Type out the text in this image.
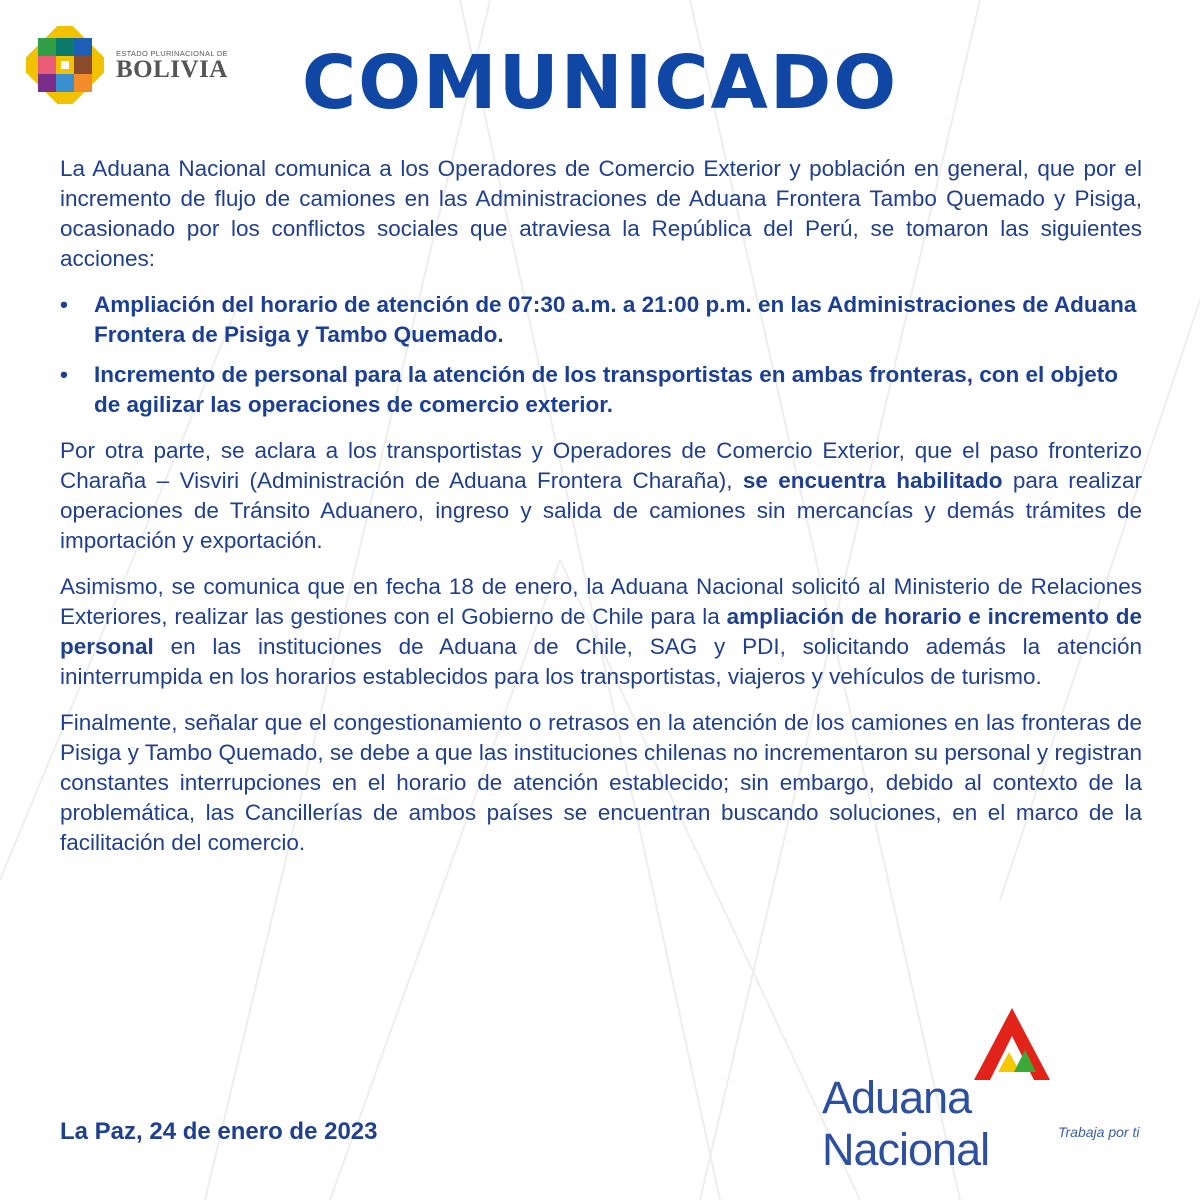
ESTADO PLURINACIONAL DE
BOLIVIA COMUNICADO

La Aduana Nacional comunica a los Operadores de Comercio Exterior y población en general, que por el incremento de flujo de camiones en las Administraciones de Aduana Frontera Tambo Quemado y Pisiga, ocasionado por los conflictos sociales que atraviesa la República del Perú, se tomaron las siguientes acciones:

•	Ampliación del horario de atención de 07:30 a.m. a 21:00 p.m. en las Administraciones de Aduana Frontera de Pisiga y Tambo Quemado.
•	Incremento de personal para la atención de los transportistas en ambas fronteras, con el objeto de agilizar las operaciones de comercio exterior.

Por otra parte, se aclara a los transportistas y Operadores de Comercio Exterior, que el paso fronterizo Charaña – Visviri (Administración de Aduana Frontera Charaña), se encuentra habilitado para realizar operaciones de Tránsito Aduanero, ingreso y salida de camiones sin mercancías y demás trámites de importación y exportación.

Asimismo, se comunica que en fecha 18 de enero, la Aduana Nacional solicitó al Ministerio de Relaciones Exteriores, realizar las gestiones con el Gobierno de Chile para la ampliación de horario e incremento de personal en las instituciones de Aduana de Chile, SAG y PDI, solicitando además la atención ininterrumpida en los horarios establecidos para los transportistas, viajeros y vehículos de turismo.

Finalmente, señalar que el congestionamiento o retrasos en la atención de los camiones en las fronteras de Pisiga y Tambo Quemado, se debe a que las instituciones chilenas no incrementaron su personal y registran constantes interrupciones en el horario de atención establecido; sin embargo, debido al contexto de la problemática, las Cancillerías de ambos países se encuentran buscando soluciones, en el marco de la facilitación del comercio.

La Paz, 24 de enero de 2023
Aduana Nacional	Trabaja por ti
